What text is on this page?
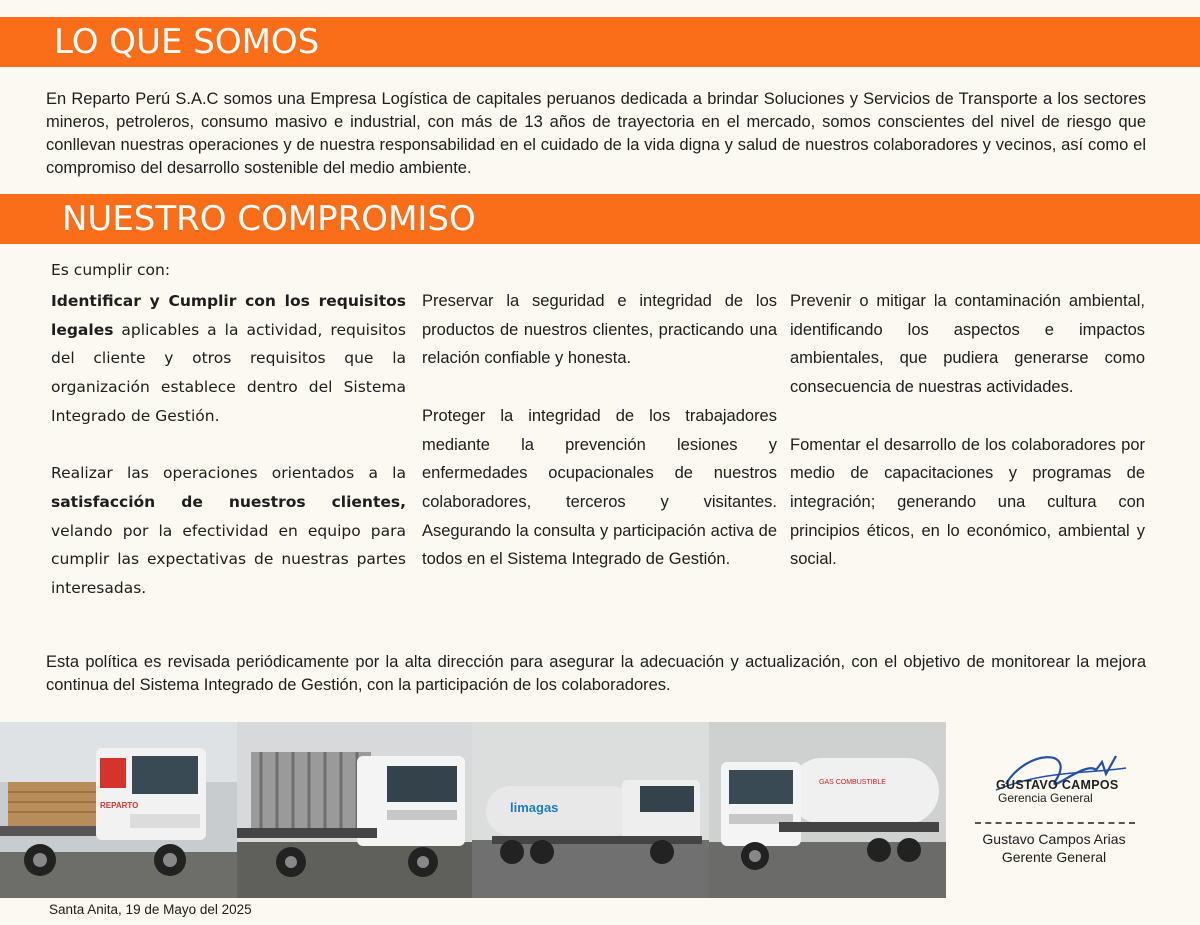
LO QUE SOMOS
En Reparto Perú S.A.C somos una Empresa Logística de capitales peruanos dedicada a brindar Soluciones y Servicios de Transporte a los sectores mineros, petroleros, consumo masivo e industrial, con más de 13 años de trayectoria en el mercado, somos conscientes del nivel de riesgo que conllevan nuestras operaciones y de nuestra responsabilidad en el cuidado de la vida digna y salud de nuestros colaboradores y vecinos, así como el compromiso del desarrollo sostenible del medio ambiente.
NUESTRO COMPROMISO
Es cumplir con:

Identificar y Cumplir con los requisitos legales aplicables a la actividad, requisitos del cliente y otros requisitos que la organización establece dentro del Sistema Integrado de Gestión.

Realizar las operaciones orientados a la satisfacción de nuestros clientes, velando por la efectividad en equipo para cumplir las expectativas de nuestras partes interesadas.

Preservar la seguridad e integridad de los productos de nuestros clientes, practicando una relación confiable y honesta.

Proteger la integridad de los trabajadores mediante la prevención lesiones y enfermedades ocupacionales de nuestros colaboradores, terceros y visitantes. Asegurando la consulta y participación activa de todos en el Sistema Integrado de Gestión.

Prevenir o mitigar la contaminación ambiental, identificando los aspectos e impactos ambientales, que pudiera generarse como consecuencia de nuestras actividades.

Fomentar el desarrollo de los colaboradores por medio de capacitaciones y programas de integración; generando una cultura con principios éticos, en lo económico, ambiental y social.

Esta política es revisada periódicamente por la alta dirección para asegurar la adecuación y actualización, con el objetivo de monitorear la mejora continua del Sistema Integrado de Gestión, con la participación de los colaboradores.
REPARTO	limagas
GAS COMBUSTIBLE	GUSTAVO CAMPOS
Gerencia General
Gustavo Campos Arias
Gerente General
Santa Anita, 19 de Mayo del 2025
